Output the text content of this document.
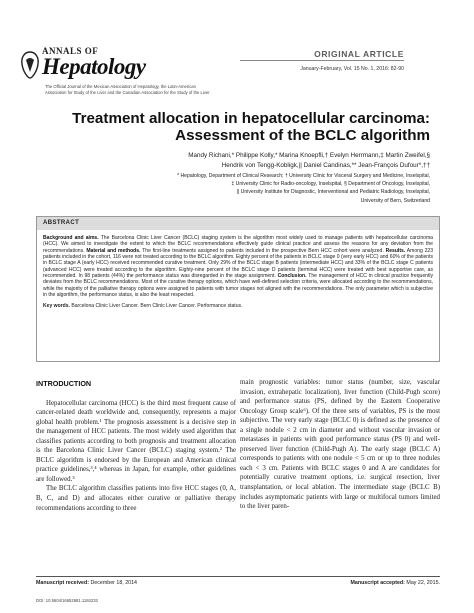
ANNALS OF
Hepatology
The Official Journal of the Mexican Association of Hepatology, the Latin-American Association for Study of the Liver and the Canadian Association for the Study of the Liver
ORIGINAL ARTICLE
January-February, Vol. 15 No. 1, 2016: 82-90
Treatment allocation in hepatocellular carcinoma:
Assessment of the BCLC algorithm
Mandy Richani,* Philippe Kolly,* Marina Knoepfli,† Evelyn Herrmann,‡ Martin Zweifel,§
Hendrik von Tengg-Kobligk,|| Daniel Candinas,** Jean-François Dufour*,††
* Hepatology, Department of Clinical Research; † University Clinic for Visceral Surgery and Medicine, Inselspital,
‡ University Clinic for Radio-oncology, Inselspital, § Department of Oncology, Inselspital,
|| University Institute for Diagnostic, Interventional and Pediatric Radiology, Inselspital,
University of Bern, Switzerland
ABSTRACT

Background and aims. The Barcelona Clinic Liver Cancer (BCLC) staging system is the algorithm most widely used to manage patients with hepatocellular carcinoma (HCC). We aimed to investigate the extent to which the BCLC recommendations effectively guide clinical practice and assess the reasons for any deviation from the recommendations. Material and methods. The first-line treatments assigned to patients included in the prospective Bern HCC cohort were analyzed. Results. Among 223 patients included in the cohort, 116 were not treated according to the BCLC algorithm. Eighty percent of the patients in BCLC stage 0 (very early HCC) and 60% of the patients in BCLC stage A (early HCC) received recommended curative treatment. Only 29% of the BCLC stage B patients (intermediate HCC) and 33% of the BCLC stage C patients (advanced HCC) were treated according to the algorithm. Eighty-nine percent of the BCLC stage D patients (terminal HCC) were treated with best supportive care, as recommended. In 98 patients (44%) the performance status was disregarded in the stage assignment. Conclusion. The management of HCC in clinical practice frequently deviates from the BCLC recommendations. Most of the curative therapy options, which have well-defined selection criteria, were allocated according to the recommendations, while the majority of the palliative therapy options were assigned to patients with tumor stages not aligned with the recommendations. The only parameter which is subjective in the algorithm, the performance status, is also the least respected.

Key words. Barcelona Clinic Liver Cancer. Bern Clinic Liver Cancer. Performance status.

INTRODUCTION

Hepatocellular carcinoma (HCC) is the third most frequent cause of cancer-related death worldwide and, consequently, represents a major global health problem.¹ The prognosis assessment is a decisive step in the management of HCC patients. The most widely used algorithm that classifies patients according to both prognosis and treatment allocation is the Barcelona Clinic Liver Cancer (BCLC) staging system.² The BCLC algorithm is endorsed by the European and American clinical practice guidelines,³,⁴ whereas in Japan, for example, other guidelines are followed.⁵

The BCLC algorithm classifies patients into five HCC stages (0, A, B, C, and D) and allocates either curative or palliative therapy recommendations according to three

main prognostic variables: tumor status (number, size, vascular invasion, extrahepatic localization), liver function (Child-Pugh score) and performance status (PS, defined by the Eastern Cooperative Oncology Group scale⁶). Of the three sets of variables, PS is the most subjective. The very early stage (BCLC 0) is defined as the presence of a single nodule < 2 cm in diameter and without vascular invasion or metastases in patients with good performance status (PS 0) and well-preserved liver function (Child-Pugh A). The early stage (BCLC A) corresponds to patients with one nodule < 5 cm or up to three nodules each < 3 cm. Patients with BCLC stages 0 and A are candidates for potentially curative treatment options, i.e. surgical resection, liver transplantation, or local ablation. The intermediate stage (BCLC B) includes asymptomatic patients with large or multifocal tumors limited to the liver paren-

Manuscript received: December 18, 2014	Manuscript accepted: May 22, 2015.
DOI: 10.5604/16652681.1184233
